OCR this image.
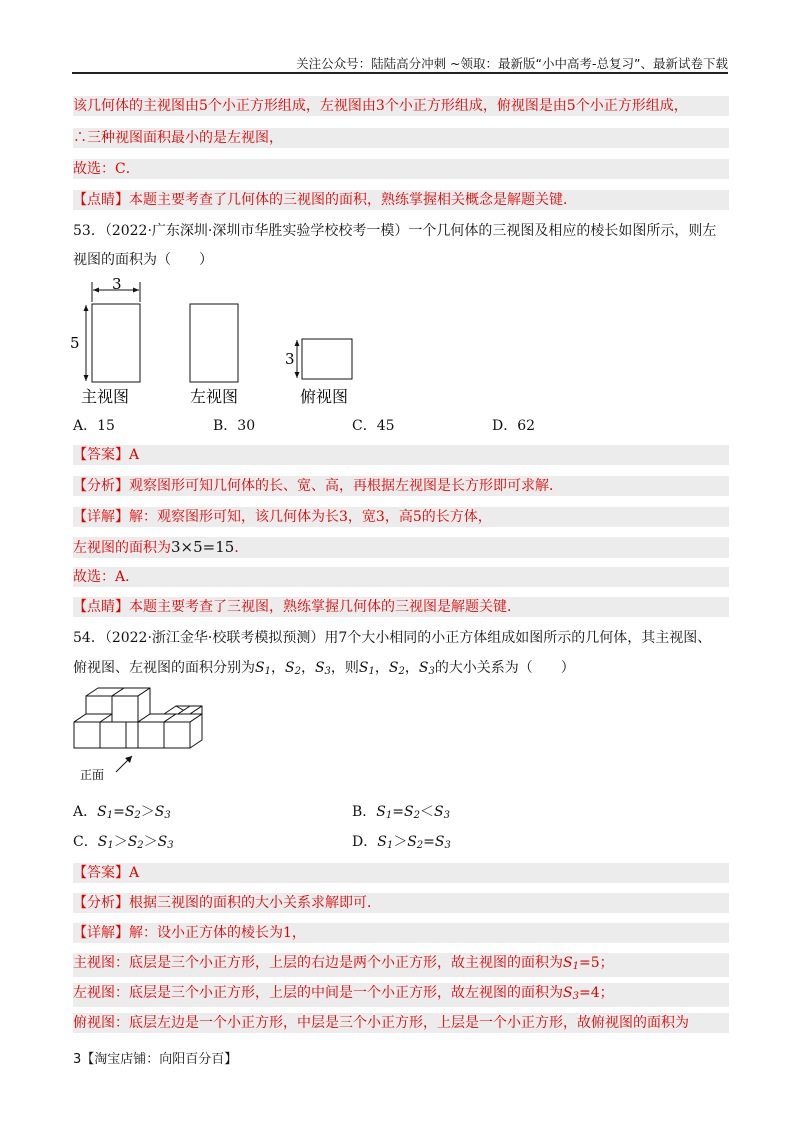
关注公众号：陆陆高分冲刺 ~领取：最新版“小中高考-总复习”、最新试卷下载
该几何体的主视图由5个小正方形组成，左视图由3个小正方形组成，俯视图是由5个小正方形组成，
∴三种视图面积最小的是左视图，
故选：C．
【点睛】本题主要考查了几何体的三视图的面积，熟练掌握相关概念是解题关键．
53．（2022·广东深圳·深圳市华胜实验学校校考一模）一个几何体的三视图及相应的棱长如图所示，则左
视图的面积为（　　）
3
5
3
主视图	左视图	俯视图
A．15	B．30	C．45	D．62
【答案】A
【分析】观察图形可知几何体的长、宽、高，再根据左视图是长方形即可求解．
【详解】解：观察图形可知，该几何体为长3，宽3，高5的长方体，
左视图的面积为3×5=15．
故选：A．
【点睛】本题主要考查了三视图，熟练掌握几何体的三视图是解题关键．
54．（2022·浙江金华·校联考模拟预测）用7个大小相同的小正方体组成如图所示的几何体，其主视图、
俯视图、左视图的面积分别为$S_1$，$S_2$，$S_3$，则$S_1$，$S_2$，$S_3$的大小关系为（　　）
正面
A．$S_1=S_2>S_3$	B．$S_1=S_2<S_3$
C．$S_1>S_2>S_3$	D．$S_1>S_2=S_3$
【答案】A
【分析】根据三视图的面积的大小关系求解即可．
【详解】解：设小正方体的棱长为1，
主视图：底层是三个小正方形，上层的右边是两个小正方形，故主视图的面积为$S_1=5$；
左视图：底层是三个小正方形，上层的中间是一个小正方形，故左视图的面积为$S_3=4$；
俯视图：底层左边是一个小正方形，中层是三个小正方形，上层是一个小正方形，故俯视图的面积为
3【淘宝店铺：向阳百分百】
